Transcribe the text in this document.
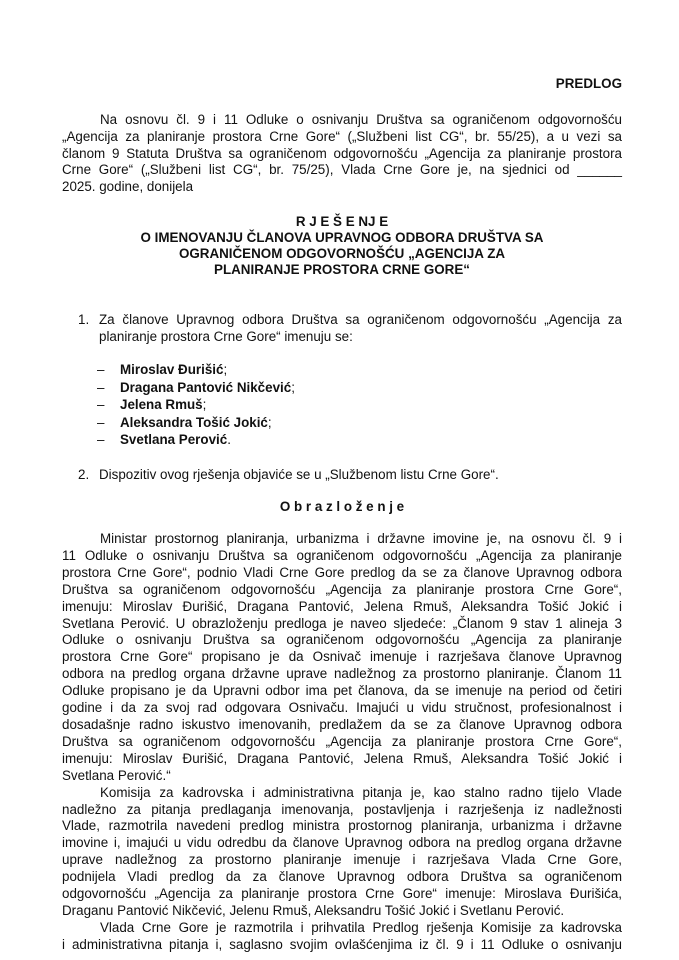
PREDLOG
Na osnovu čl. 9 i 11 Odluke o osnivanju Društva sa ograničenom odgovornošću
„Agencija za planiranje prostora Crne Gore“ („Službeni list CG“, br. 55/25), a u vezi sa
članom 9 Statuta Društva sa ograničenom odgovornošću „Agencija za planiranje prostora
Crne Gore“ („Službeni list CG“, br. 75/25), Vlada Crne Gore je, na sjednici od ______
2025. godine, donijela
R J E Š E NJ E
O IMENOVANJU ČLANOVA UPRAVNOG ODBORA DRUŠTVA SA
OGRANIČENOM ODGOVORNOŠĆU „AGENCIJA ZA
PLANIRANJE PROSTORA CRNE GORE“
1. Za članove Upravnog odbora Društva sa ograničenom odgovornošću „Agencija za
planiranje prostora Crne Gore“ imenuju se:
–	Miroslav Đurišić ;
–	Dragana Pantović Nikčević ;
–	Jelena Rmuš ;
–	Aleksandra Tošić Jokić ;
–	Svetlana Perović .
2. Dispozitiv ovog rješenja objaviće se u „Službenom listu Crne Gore“.
O b r a z l o ž e n j e
Ministar prostornog planiranja, urbanizma i državne imovine je, na osnovu čl. 9 i
11 Odluke o osnivanju Društva sa ograničenom odgovornošću „Agencija za planiranje
prostora Crne Gore“, podnio Vladi Crne Gore predlog da se za članove Upravnog odbora
Društva sa ograničenom odgovornošću „Agencija za planiranje prostora Crne Gore“,
imenuju: Miroslav Đurišić, Dragana Pantović, Jelena Rmuš, Aleksandra Tošić Jokić i
Svetlana Perović. U obrazloženju predloga je naveo sljedeće: „Članom 9 stav 1 alineja 3
Odluke o osnivanju Društva sa ograničenom odgovornošću „Agencija za planiranje
prostora Crne Gore“ propisano je da Osnivač imenuje i razrješava članove Upravnog
odbora na predlog organa državne uprave nadležnog za prostorno planiranje. Članom 11
Odluke propisano je da Upravni odbor ima pet članova, da se imenuje na period od četiri
godine i da za svoj rad odgovara Osnivaču. Imajući u vidu stručnost, profesionalnost i
dosadašnje radno iskustvo imenovanih, predlažem da se za članove Upravnog odbora
Društva sa ograničenom odgovornošću „Agencija za planiranje prostora Crne Gore“,
imenuju: Miroslav Đurišić, Dragana Pantović, Jelena Rmuš, Aleksandra Tošić Jokić i
Svetlana Perović.“
Komisija za kadrovska i administrativna pitanja je, kao stalno radno tijelo Vlade
nadležno za pitanja predlaganja imenovanja, postavljenja i razrješenja iz nadležnosti
Vlade, razmotrila navedeni predlog ministra prostornog planiranja, urbanizma i državne
imovine i, imajući u vidu odredbu da članove Upravnog odbora na predlog organa državne
uprave nadležnog za prostorno planiranje imenuje i razrješava Vlada Crne Gore,
podnijela Vladi predlog da za članove Upravnog odbora Društva sa ograničenom
odgovornošću „Agencija za planiranje prostora Crne Gore“ imenuje: Miroslava Đurišića,
Draganu Pantović Nikčević, Jelenu Rmuš, Aleksandru Tošić Jokić i Svetlanu Perović.
Vlada Crne Gore je razmotrila i prihvatila Predlog rješenja Komisije za kadrovska
i administrativna pitanja i, saglasno svojim ovlašćenjima iz čl. 9 i 11 Odluke o osnivanju
